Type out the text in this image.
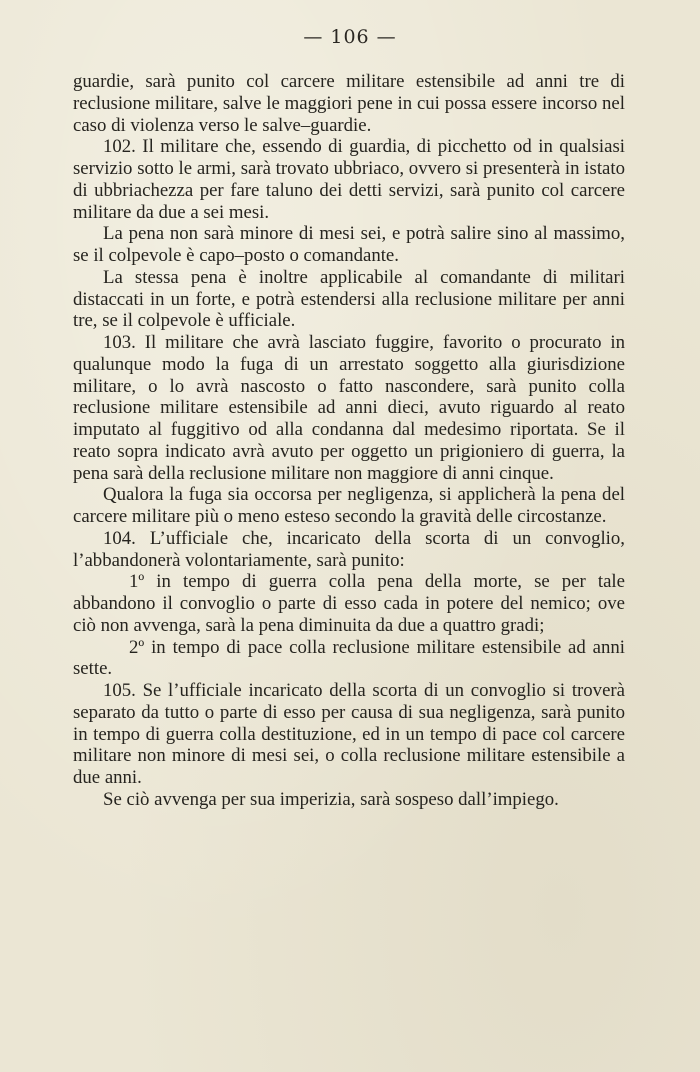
— 106 —

guardie, sarà punito col carcere militare estensibile ad anni tre di reclusione militare, salve le maggiori pene in cui possa essere incorso nel caso di violenza verso le salve–guardie.

102. Il militare che, essendo di guardia, di picchetto od in qualsiasi servizio sotto le armi, sarà trovato ubbriaco, ovvero si presenterà in istato di ubbriachezza per fare taluno dei detti servizi, sarà punito col carcere militare da due a sei mesi.

La pena non sarà minore di mesi sei, e potrà salire sino al massimo, se il colpevole è capo–posto o comandante.

La stessa pena è inoltre applicabile al comandante di militari distaccati in un forte, e potrà estendersi alla reclusione militare per anni tre, se il colpevole è ufficiale.

103. Il militare che avrà lasciato fuggire, favorito o procurato in qualunque modo la fuga di un arrestato soggetto alla giurisdizione militare, o lo avrà nascosto o fatto nascondere, sarà punito colla reclusione militare estensibile ad anni dieci, avuto riguardo al reato imputato al fuggitivo od alla condanna dal medesimo riportata. Se il reato sopra indicato avrà avuto per oggetto un prigioniero di guerra, la pena sarà della reclusione militare non maggiore di anni cinque.

Qualora la fuga sia occorsa per negligenza, si applicherà la pena del carcere militare più o meno esteso secondo la gravità delle circostanze.

104. L’ufficiale che, incaricato della scorta di un convoglio, l’abbandonerà volontariamente, sarà punito:

1º in tempo di guerra colla pena della morte, se per tale abbandono il convoglio o parte di esso cada in potere del nemico; ove ciò non avvenga, sarà la pena diminuita da due a quattro gradi;

2º in tempo di pace colla reclusione militare estensibile ad anni sette.

105. Se l’ufficiale incaricato della scorta di un convoglio si troverà separato da tutto o parte di esso per causa di sua negligenza, sarà punito in tempo di guerra colla destituzione, ed in un tempo di pace col carcere militare non minore di mesi sei, o colla reclusione militare estensibile a due anni.

Se ciò avvenga per sua imperizia, sarà sospeso dall’impiego.
